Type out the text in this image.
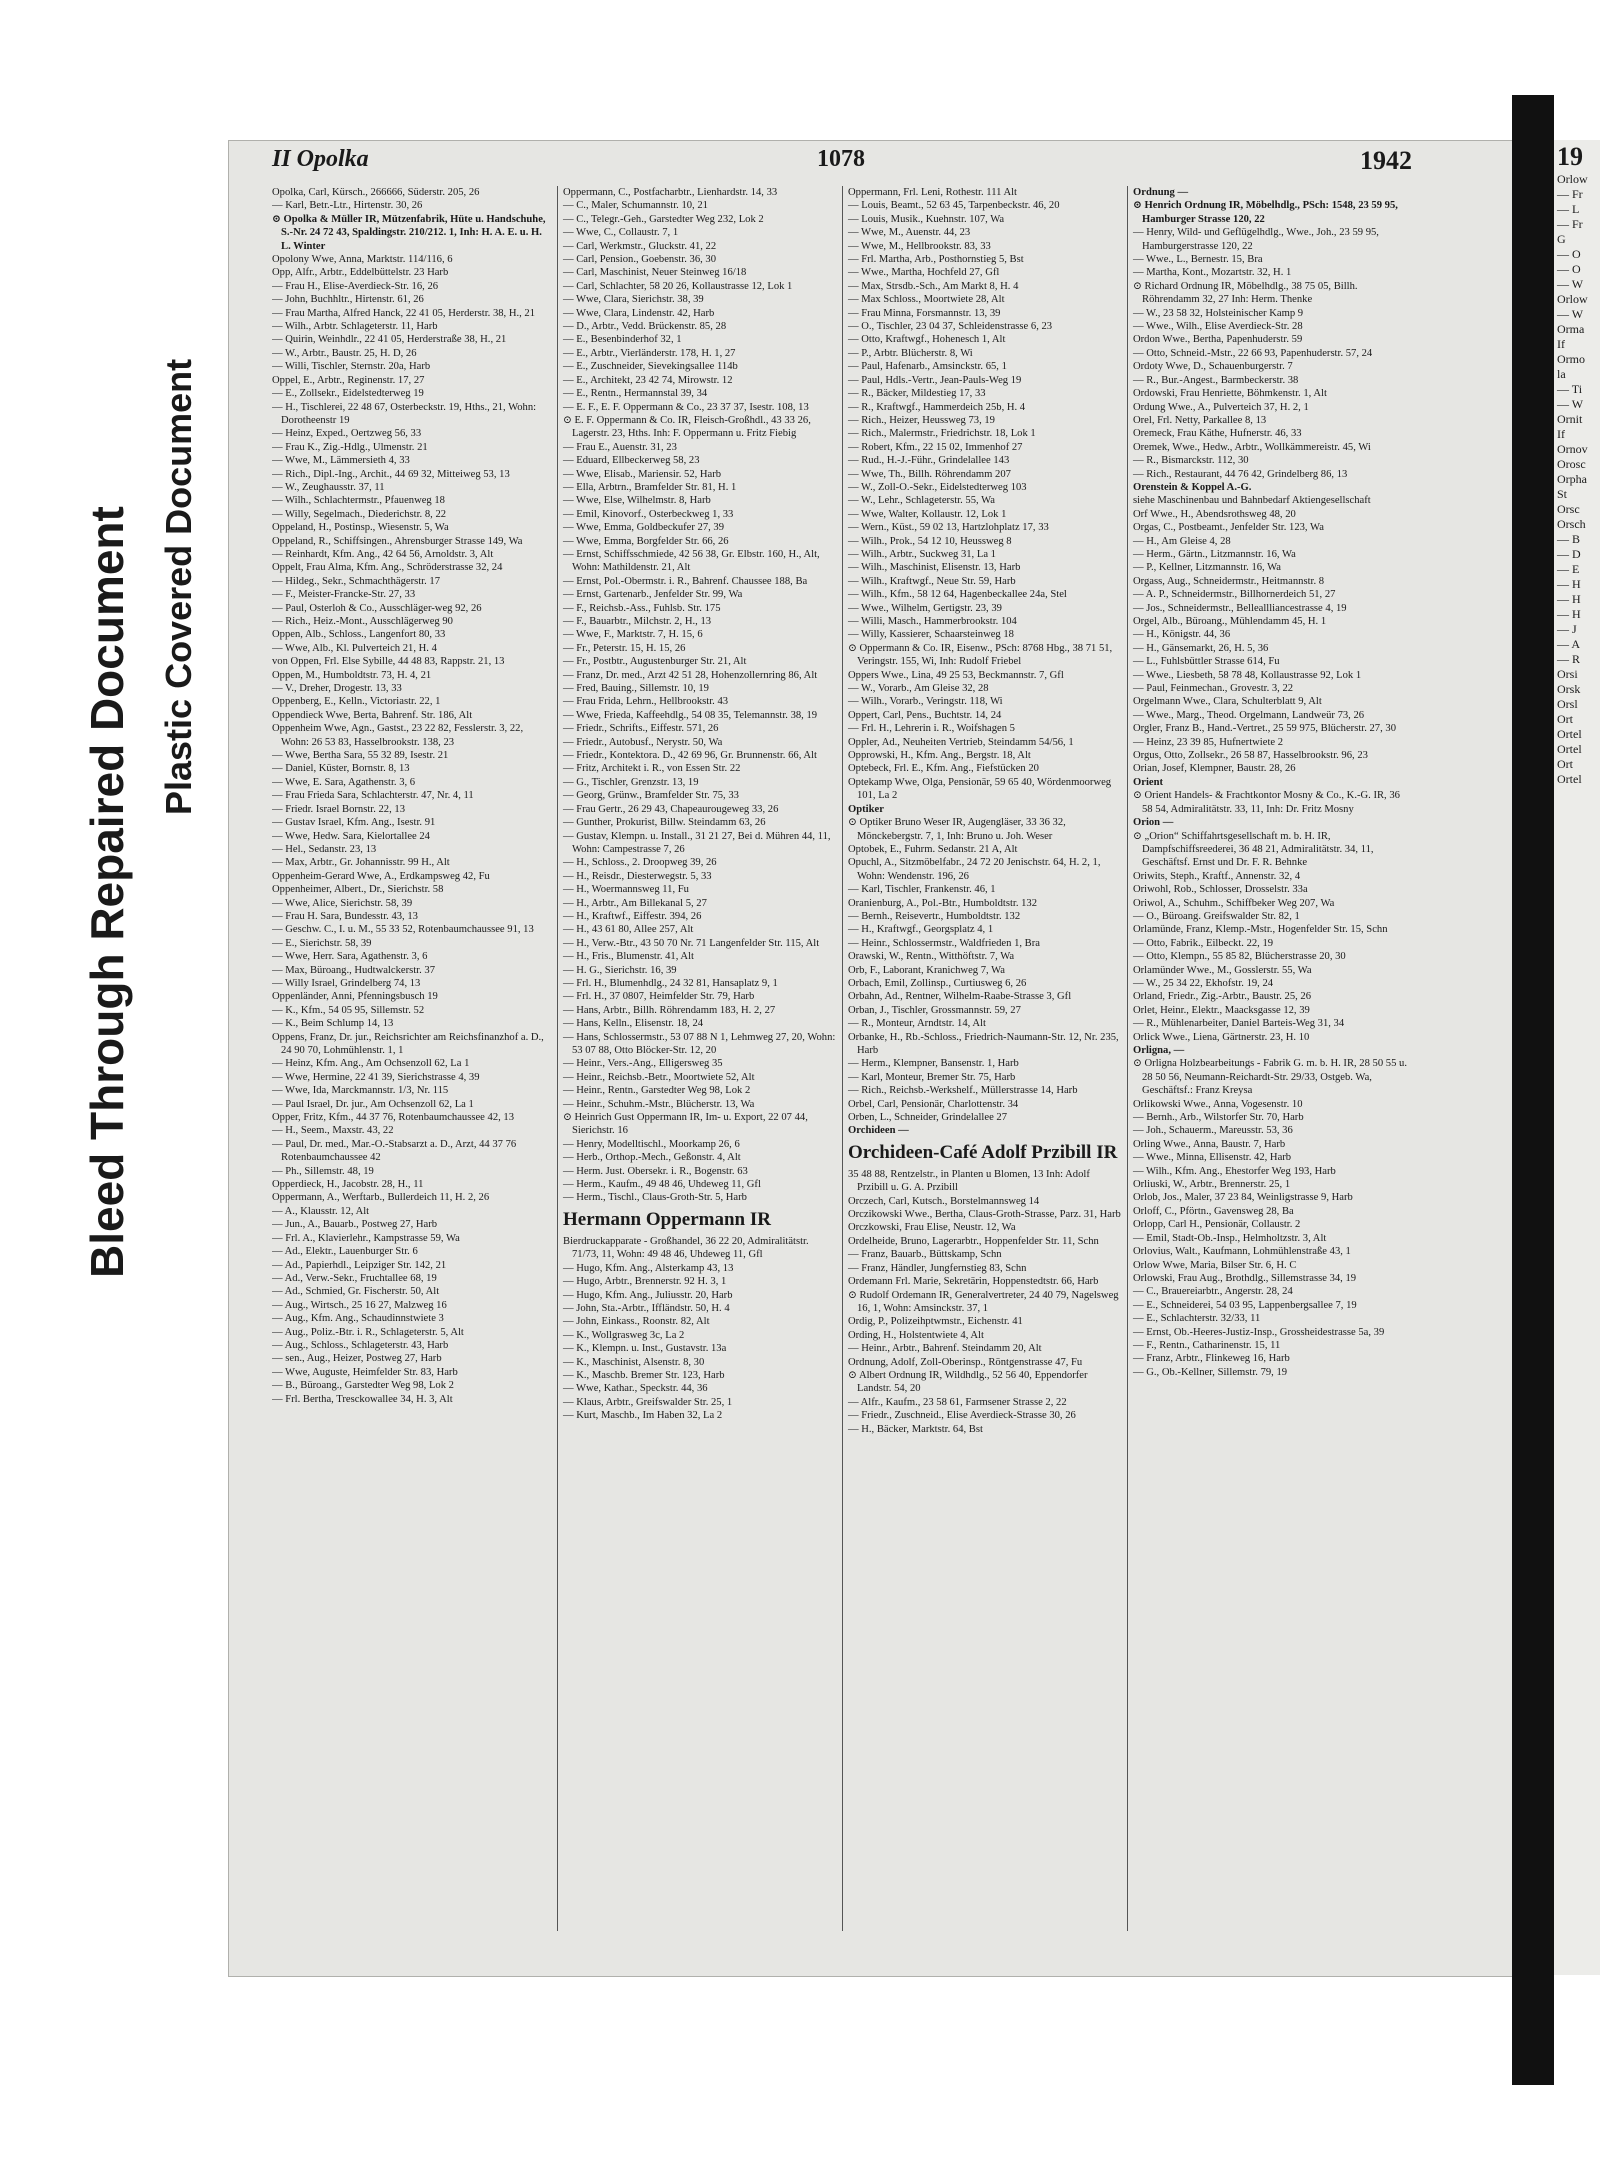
Bleed Through Repaired Document Plastic Covered Document
19
Orlow
— Fr
— L
— Fr
G
— O
— O
— W
Orlow
— W
Orma
If
Ormo
la
— Ti
— W
Ornit
If
Ornov
Orosc
Orpha
St
Orsc
Orsch
— B
— D
— E
— H
— H
— H
— J
— A
— R
Orsi
Orsk
Orsl
Ort
Ortel
Ortel
Ort
Ortel
II Opolka	1078	1942

Opolka, Carl, Kürsch., 266666, Süderstr. 205, 26

— Karl, Betr.-Ltr., Hirtenstr. 30, 26

⊙ Opolka & Müller IR, Mützenfabrik, Hüte u. Handschuhe, S.-Nr. 24 72 43, Spaldingstr. 210/212. 1, Inh: H. A. E. u. H. L. Winter

Opolony Wwe, Anna, Marktstr. 114/116, 6

Opp, Alfr., Arbtr., Eddelbüttelstr. 23 Harb

— Frau H., Elise-Averdieck-Str. 16, 26

— John, Buchhltr., Hirtenstr. 61, 26

— Frau Martha, Alfred Hanck, 22 41 05, Herderstr. 38, H., 21

— Wilh., Arbtr. Schlageterstr. 11, Harb

— Quirin, Weinhdlr., 22 41 05, Herderstraße 38, H., 21

— W., Arbtr., Baustr. 25, H. D, 26

— Willi, Tischler, Sternstr. 20a, Harb

Oppel, E., Arbtr., Reginenstr. 17, 27

— E., Zollsekr., Eidelstedterweg 19

— H., Tischlerei, 22 48 67, Osterbeckstr. 19, Hths., 21, Wohn: Dorotheenstr 19

— Heinz, Exped., Oertzweg 56, 33

— Frau K., Zig.-Hdlg., Ulmenstr. 21

— Wwe, M., Lämmersieth 4, 33

— Rich., Dipl.-Ing., Archit., 44 69 32, Mitteiweg 53, 13

— W., Zeughausstr. 37, 11

— Wilh., Schlachtermstr., Pfauenweg 18

— Willy, Segelmach., Diederichstr. 8, 22

Oppeland, H., Postinsp., Wiesenstr. 5, Wa

Oppeland, R., Schiffsingen., Ahrensburger Strasse 149, Wa

— Reinhardt, Kfm. Ang., 42 64 56, Arnoldstr. 3, Alt

Oppelt, Frau Alma, Kfm. Ang., Schröderstrasse 32, 24

— Hildeg., Sekr., Schmachthägerstr. 17

— F., Meister-Francke-Str. 27, 33

— Paul, Osterloh & Co., Ausschläger-weg 92, 26

— Rich., Heiz.-Mont., Ausschlägerweg 90

Oppen, Alb., Schloss., Langenfort 80, 33

— Wwe, Alb., Kl. Pulverteich 21, H. 4

von Oppen, Frl. Else Sybille, 44 48 83, Rappstr. 21, 13

Oppen, M., Humboldtstr. 73, H. 4, 21

— V., Dreher, Drogestr. 13, 33

Oppenberg, E., Kelln., Victoriastr. 22, 1

Oppendieck Wwe, Berta, Bahrenf. Str. 186, Alt

Oppenheim Wwe, Agn., Gastst., 23 22 82, Fesslerstr. 3, 22, Wohn: 26 53 83, Hasselbrookstr. 138, 23

— Wwe, Bertha Sara, 55 32 89, Isestr. 21

— Daniel, Küster, Bornstr. 8, 13

— Wwe, E. Sara, Agathenstr. 3, 6

— Frau Frieda Sara, Schlachterstr. 47, Nr. 4, 11

— Friedr. Israel Bornstr. 22, 13

— Gustav Israel, Kfm. Ang., Isestr. 91

— Wwe, Hedw. Sara, Kielortallee 24

— Hel., Sedanstr. 23, 13

— Max, Arbtr., Gr. Johannisstr. 99 H., Alt

Oppenheim-Gerard Wwe, A., Erdkampsweg 42, Fu

Oppenheimer, Albert., Dr., Sierichstr. 58

— Wwe, Alice, Sierichstr. 58, 39

— Frau H. Sara, Bundesstr. 43, 13

— Geschw. C., I. u. M., 55 33 52, Rotenbaumchaussee 91, 13

— E., Sierichstr. 58, 39

— Wwe, Herr. Sara, Agathenstr. 3, 6

— Max, Büroang., Hudtwalckerstr. 37

— Willy Israel, Grindelberg 74, 13

Oppenländer, Anni, Pfenningsbusch 19

— K., Kfm., 54 05 95, Sillemstr. 52

— K., Beim Schlump 14, 13

Oppens, Franz, Dr. jur., Reichsrichter am Reichsfinanzhof a. D., 24 90 70, Lohmühlenstr. 1, 1

— Heinz, Kfm. Ang., Am Ochsenzoll 62, La 1

— Wwe, Hermine, 22 41 39, Sierichstrasse 4, 39

— Wwe, Ida, Marckmannstr. 1/3, Nr. 115

— Paul Israel, Dr. jur., Am Ochsenzoll 62, La 1

Opper, Fritz, Kfm., 44 37 76, Rotenbaumchaussee 42, 13

— H., Seem., Maxstr. 43, 22

— Paul, Dr. med., Mar.-O.-Stabsarzt a. D., Arzt, 44 37 76 Rotenbaumchaussee 42

— Ph., Sillemstr. 48, 19

Opperdieck, H., Jacobstr. 28, H., 11

Oppermann, A., Werftarb., Bullerdeich 11, H. 2, 26

— A., Klausstr. 12, Alt

— Jun., A., Bauarb., Postweg 27, Harb

— Frl. A., Klavierlehr., Kampstrasse 59, Wa

— Ad., Elektr., Lauenburger Str. 6

— Ad., Papierhdl., Leipziger Str. 142, 21

— Ad., Verw.-Sekr., Fruchtallee 68, 19

— Ad., Schmied, Gr. Fischerstr. 50, Alt

— Aug., Wirtsch., 25 16 27, Malzweg 16

— Aug., Kfm. Ang., Schaudinnstwiete 3

— Aug., Poliz.-Btr. i. R., Schlageterstr. 5, Alt

— Aug., Schloss., Schlageterstr. 43, Harb

— sen., Aug., Heizer, Postweg 27, Harb

— Wwe, Auguste, Heimfelder Str. 83, Harb

— B., Büroang., Garstedter Weg 98, Lok 2

— Frl. Bertha, Tresckowallee 34, H. 3, Alt

Oppermann, C., Postfacharbtr., Lienhardstr. 14, 33

— C., Maler, Schumannstr. 10, 21

— C., Telegr.-Geh., Garstedter Weg 232, Lok 2

— Wwe, C., Collaustr. 7, 1

— Carl, Werkmstr., Gluckstr. 41, 22

— Carl, Pension., Goebenstr. 36, 30

— Carl, Maschinist, Neuer Steinweg 16/18

— Carl, Schlachter, 58 20 26, Kollaustrasse 12, Lok 1

— Wwe, Clara, Sierichstr. 38, 39

— Wwe, Clara, Lindenstr. 42, Harb

— D., Arbtr., Vedd. Brückenstr. 85, 28

— E., Besenbinderhof 32, 1

— E., Arbtr., Vierländerstr. 178, H. 1, 27

— E., Zuschneider, Sievekingsallee 114b

— E., Architekt, 23 42 74, Mirowstr. 12

— E., Rentn., Hermannstal 39, 34

— E. F., E. F. Oppermann & Co., 23 37 37, Isestr. 108, 13

⊙ E. F. Oppermann & Co. IR, Fleisch-Großhdl., 43 33 26, Lagerstr. 23, Hths. Inh: F. Oppermann u. Fritz Fiebig

— Frau E., Auenstr. 31, 23

— Eduard, Ellbeckerweg 58, 23

— Wwe, Elisab., Mariensir. 52, Harb

— Ella, Arbtrn., Bramfelder Str. 81, H. 1

— Wwe, Else, Wilhelmstr. 8, Harb

— Emil, Kinovorf., Osterbeckweg 1, 33

— Wwe, Emma, Goldbeckufer 27, 39

— Wwe, Emma, Borgfelder Str. 66, 26

— Ernst, Schiffsschmiede, 42 56 38, Gr. Elbstr. 160, H., Alt, Wohn: Mathildenstr. 21, Alt

— Ernst, Pol.-Obermstr. i. R., Bahrenf. Chaussee 188, Ba

— Ernst, Gartenarb., Jenfelder Str. 99, Wa

— F., Reichsb.-Ass., Fuhlsb. Str. 175

— F., Bauarbtr., Milchstr. 2, H., 13

— Wwe, F., Marktstr. 7, H. 15, 6

— Fr., Peterstr. 15, H. 15, 26

— Fr., Postbtr., Augustenburger Str. 21, Alt

— Franz, Dr. med., Arzt 42 51 28, Hohenzollernring 86, Alt

— Fred, Bauing., Sillemstr. 10, 19

— Frau Frida, Lehrn., Hellbrookstr. 43

— Wwe, Frieda, Kaffeehdlg., 54 08 35, Telemannstr. 38, 19

— Friedr., Schrifts., Eiffestr. 571, 26

— Friedr., Autobusf., Nerystr. 50, Wa

— Friedr., Kontektora. D., 42 69 96, Gr. Brunnenstr. 66, Alt

— Fritz, Architekt i. R., von Essen Str. 22

— G., Tischler, Grenzstr. 13, 19

— Georg, Grünw., Bramfelder Str. 75, 33

— Frau Gertr., 26 29 43, Chapeaurougeweg 33, 26

— Gunther, Prokurist, Billw. Steindamm 63, 26

— Gustav, Klempn. u. Install., 31 21 27, Bei d. Mühren 44, 11, Wohn: Campestrasse 7, 26

— H., Schloss., 2. Droopweg 39, 26

— H., Reisdr., Diesterwegstr. 5, 33

— H., Woermannsweg 11, Fu

— H., Arbtr., Am Billekanal 5, 27

— H., Kraftwf., Eiffestr. 394, 26

— H., 43 61 80, Allee 257, Alt

— H., Verw.-Btr., 43 50 70 Nr. 71 Langenfelder Str. 115, Alt

— H., Fris., Blumenstr. 41, Alt

— H. G., Sierichstr. 16, 39

— Frl. H., Blumenhdlg., 24 32 81, Hansaplatz 9, 1

— Frl. H., 37 0807, Heimfelder Str. 79, Harb

— Hans, Arbtr., Billh. Röhrendamm 183, H. 2, 27

— Hans, Kelln., Elisenstr. 18, 24

— Hans, Schlossermstr., 53 07 88 N 1, Lehmweg 27, 20, Wohn: 53 07 88, Otto Blöcker-Str. 12, 20

— Heinr., Vers.-Ang., Elligersweg 35

— Heinr., Reichsb.-Betr., Moortwiete 52, Alt

— Heinr., Rentn., Garstedter Weg 98, Lok 2

— Heinr., Schuhm.-Mstr., Blücherstr. 13, Wa

⊙ Heinrich Gust Oppermann IR, Im- u. Export, 22 07 44, Sierichstr. 16

— Henry, Modelltischl., Moorkamp 26, 6

— Herb., Orthop.-Mech., Geßonstr. 4, Alt

— Herm. Just. Obersekr. i. R., Bogenstr. 63

— Herm., Kaufm., 49 48 46, Uhdeweg 11, Gfl

— Herm., Tischl., Claus-Groth-Str. 5, Harb

Hermann Oppermann IR

Bierdruckapparate - Großhandel, 36 22 20, Admiralitätstr. 71/73, 11, Wohn: 49 48 46, Uhdeweg 11, Gfl

— Hugo, Kfm. Ang., Alsterkamp 43, 13

— Hugo, Arbtr., Brennerstr. 92 H. 3, 1

— Hugo, Kfm. Ang., Juliusstr. 20, Harb

— John, Sta.-Arbtr., Iffländstr. 50, H. 4

— John, Einkass., Roonstr. 82, Alt

— K., Wollgrasweg 3c, La 2

— K., Klempn. u. Inst., Gustavstr. 13a

— K., Maschinist, Alsenstr. 8, 30

— K., Maschb. Bremer Str. 123, Harb

— Wwe, Kathar., Speckstr. 44, 36

— Klaus, Arbtr., Greifswalder Str. 25, 1

— Kurt, Maschb., Im Haben 32, La 2

Oppermann, Frl. Leni, Rothestr. 111 Alt

— Louis, Beamt., 52 63 45, Tarpenbeckstr. 46, 20

— Louis, Musik., Kuehnstr. 107, Wa

— Wwe, M., Auenstr. 44, 23

— Wwe, M., Hellbrookstr. 83, 33

— Frl. Martha, Arb., Posthornstieg 5, Bst

— Wwe., Martha, Hochfeld 27, Gfl

— Max, Strsdb.-Sch., Am Markt 8, H. 4

— Max Schloss., Moortwiete 28, Alt

— Frau Minna, Forsmannstr. 13, 39

— O., Tischler, 23 04 37, Schleidenstrasse 6, 23

— Otto, Kraftwgf., Hohenesch 1, Alt

— P., Arbtr. Blücherstr. 8, Wi

— Paul, Hafenarb., Amsinckstr. 65, 1

— Paul, Hdls.-Vertr., Jean-Pauls-Weg 19

— R., Bäcker, Mildestieg 17, 33

— R., Kraftwgf., Hammerdeich 25b, H. 4

— Rich., Heizer, Heussweg 73, 19

— Rich., Malermstr., Friedrichstr. 18, Lok 1

— Robert, Kfm., 22 15 02, Immenhof 27

— Rud., H.-J.-Führ., Grindelallee 143

— Wwe, Th., Billh. Röhrendamm 207

— W., Zoll-O.-Sekr., Eidelstedterweg 103

— W., Lehr., Schlageterstr. 55, Wa

— Wwe, Walter, Kollaustr. 12, Lok 1

— Wern., Küst., 59 02 13, Hartzlohplatz 17, 33

— Wilh., Prok., 54 12 10, Heussweg 8

— Wilh., Arbtr., Suckweg 31, La 1

— Wilh., Maschinist, Elisenstr. 13, Harb

— Wilh., Kraftwgf., Neue Str. 59, Harb

— Wilh., Kfm., 58 12 64, Hagenbeckallee 24a, Stel

— Wwe., Wilhelm, Gertigstr. 23, 39

— Willi, Masch., Hammerbrookstr. 104

— Willy, Kassierer, Schaarsteinweg 18

⊙ Oppermann & Co. IR, Eisenw., PSch: 8768 Hbg., 38 71 51, Veringstr. 155, Wi, Inh: Rudolf Friebel

Oppers Wwe., Lina, 49 25 53, Beckmannstr. 7, Gfl

— W., Vorarb., Am Gleise 32, 28

— Wilh., Vorarb., Veringstr. 118, Wi

Oppert, Carl, Pens., Buchtstr. 14, 24

— Frl. H., Lehrerin i. R., Woifshagen 5

Oppler, Ad., Neuheiten Vertrieb, Steindamm 54/56, 1

Opprowski, H., Kfm. Ang., Bergstr. 18, Alt

Optebeck, Frl. E., Kfm. Ang., Fiefstücken 20

Optekamp Wwe, Olga, Pensionär, 59 65 40, Wördenmoorweg 101, La 2

Optiker

⊙ Optiker Bruno Weser IR, Augengläser, 33 36 32, Mönckebergstr. 7, 1, Inh: Bruno u. Joh. Weser

Optobek, E., Fuhrm. Sedanstr. 21 A, Alt

Opuchl, A., Sitzmöbelfabr., 24 72 20 Jenischstr. 64, H. 2, 1, Wohn: Wendenstr. 196, 26

— Karl, Tischler, Frankenstr. 46, 1

Oranienburg, A., Pol.-Btr., Humboldtstr. 132

— Bernh., Reisevertr., Humboldtstr. 132

— H., Kraftwgf., Georgsplatz 4, 1

— Heinr., Schlossermstr., Waldfrieden 1, Bra

Orawski, W., Rentn., Witthöftstr. 7, Wa

Orb, F., Laborant, Kranichweg 7, Wa

Orbach, Emil, Zollinsp., Curtiusweg 6, 26

Orbahn, Ad., Rentner, Wilhelm-Raabe-Strasse 3, Gfl

Orban, J., Tischler, Grossmannstr. 59, 27

— R., Monteur, Arndtstr. 14, Alt

Orbanke, H., Rb.-Schloss., Friedrich-Naumann-Str. 12, Nr. 235, Harb

— Herm., Klempner, Bansenstr. 1, Harb

— Karl, Monteur, Bremer Str. 75, Harb

— Rich., Reichsb.-Werkshelf., Müllerstrasse 14, Harb

Orbel, Carl, Pensionär, Charlottenstr. 34

Orben, L., Schneider, Grindelallee 27

Orchideen —

Orchideen-Café Adolf Przibill IR

35 48 88, Rentzelstr., in Planten u Blomen, 13 Inh: Adolf Przibill u. G. A. Przibill

Orczech, Carl, Kutsch., Borstelmannsweg 14

Orczikowski Wwe., Bertha, Claus-Groth-Strasse, Parz. 31, Harb

Orczkowski, Frau Elise, Neustr. 12, Wa

Ordelheide, Bruno, Lagerarbtr., Hoppenfelder Str. 11, Schn

— Franz, Bauarb., Büttskamp, Schn

— Franz, Händler, Jungfernstieg 83, Schn

Ordemann Frl. Marie, Sekretärin, Hoppenstedtstr. 66, Harb

⊙ Rudolf Ordemann IR, Generalvertreter, 24 40 79, Nagelsweg 16, 1, Wohn: Amsinckstr. 37, 1

Ordig, P., Polizeihptwmstr., Eichenstr. 41

Ording, H., Holstentwiete 4, Alt

— Heinr., Arbtr., Bahrenf. Steindamm 20, Alt

Ordnung, Adolf, Zoll-Oberinsp., Röntgenstrasse 47, Fu

⊙ Albert Ordnung IR, Wildhdlg., 52 56 40, Eppendorfer Landstr. 54, 20

— Alfr., Kaufm., 23 58 61, Farmsener Strasse 2, 22

— Friedr., Zuschneid., Elise Averdieck-Strasse 30, 26

— H., Bäcker, Marktstr. 64, Bst

Ordnung —

⊙ Henrich Ordnung IR, Möbelhdlg., PSch: 1548, 23 59 95, Hamburger Strasse 120, 22

— Henry, Wild- und Geflügelhdlg., Wwe., Joh., 23 59 95, Hamburgerstrasse 120, 22

— Wwe., L., Bernestr. 15, Bra

— Martha, Kont., Mozartstr. 32, H. 1

⊙ Richard Ordnung IR, Möbelhdlg., 38 75 05, Billh. Röhrendamm 32, 27 Inh: Herm. Thenke

— W., 23 58 32, Holsteinischer Kamp 9

— Wwe., Wilh., Elise Averdieck-Str. 28

Ordon Wwe., Bertha, Papenhuderstr. 59

— Otto, Schneid.-Mstr., 22 66 93, Papenhuderstr. 57, 24

Ordoty Wwe, D., Schauenburgerstr. 7

— R., Bur.-Angest., Barmbeckerstr. 38

Ordowski, Frau Henriette, Böhmkenstr. 1, Alt

Ordung Wwe., A., Pulverteich 37, H. 2, 1

Orel, Frl. Netty, Parkallee 8, 13

Oremeck, Frau Käthe, Hufnerstr. 46, 33

Oremek, Wwe., Hedw., Arbtr., Wollkämmereistr. 45, Wi

— R., Bismarckstr. 112, 30

— Rich., Restaurant, 44 76 42, Grindelberg 86, 13

Orenstein & Koppel A.-G.

siehe Maschinenbau und Bahnbedarf Aktiengesellschaft

Orf Wwe., H., Abendsrothsweg 48, 20

Orgas, C., Postbeamt., Jenfelder Str. 123, Wa

— H., Am Gleise 4, 28

— Herm., Gärtn., Litzmannstr. 16, Wa

— P., Kellner, Litzmannstr. 16, Wa

Orgass, Aug., Schneidermstr., Heitmannstr. 8

— A. P., Schneidermstr., Billhornerdeich 51, 27

— Jos., Schneidermstr., Belleallliancestrasse 4, 19

Orgel, Alb., Büroang., Mühlendamm 45, H. 1

— H., Königstr. 44, 36

— H., Gänsemarkt, 26, H. 5, 36

— L., Fuhlsbüttler Strasse 614, Fu

— Wwe., Liesbeth, 58 78 48, Kollaustrasse 92, Lok 1

— Paul, Feinmechan., Grovestr. 3, 22

Orgelmann Wwe., Clara, Schulterblatt 9, Alt

— Wwe., Marg., Theod. Orgelmann, Landweür 73, 26

Orgler, Franz B., Hand.-Vertret., 25 59 975, Blücherstr. 27, 30

— Heinz, 23 39 85, Hufnertwiete 2

Orgus, Otto, Zollsekr., 26 58 87, Hasselbrookstr. 96, 23

Orian, Josef, Klempner, Baustr. 28, 26

Orient

⊙ Orient Handels- & Frachtkontor Mosny & Co., K.-G. IR, 36 58 54, Admiralitätstr. 33, 11, Inh: Dr. Fritz Mosny

Orion —

⊙ „Orion“ Schiffahrtsgesellschaft m. b. H. IR, Dampfschiffsreederei, 36 48 21, Admiralitätstr. 34, 11, Geschäftsf. Ernst und Dr. F. R. Behnke

Oriwits, Steph., Kraftf., Annenstr. 32, 4

Oriwohl, Rob., Schlosser, Drosselstr. 33a

Oriwol, A., Schuhm., Schiffbeker Weg 207, Wa

— O., Büroang. Greifswalder Str. 82, 1

Orlamünde, Franz, Klemp.-Mstr., Hogenfelder Str. 15, Schn

— Otto, Fabrik., Eilbeckt. 22, 19

— Otto, Klempn., 55 85 82, Blücherstrasse 20, 30

Orlamünder Wwe., M., Gosslerstr. 55, Wa

— W., 25 34 22, Ekhofstr. 19, 24

Orland, Friedr., Zig.-Arbtr., Baustr. 25, 26

Orlet, Heinr., Elektr., Maacksgasse 12, 39

— R., Mühlenarbeiter, Daniel Barteis-Weg 31, 34

Orlick Wwe., Liena, Gärtnerstr. 23, H. 10

Orligna, —

⊙ Orligna Holzbearbeitungs - Fabrik G. m. b. H. IR, 28 50 55 u. 28 50 56, Neumann-Reichardt-Str. 29/33, Ostgeb. Wa, Geschäftsf.: Franz Kreysa

Orlikowski Wwe., Anna, Vogesenstr. 10

— Bernh., Arb., Wilstorfer Str. 70, Harb

— Joh., Schauerm., Mareusstr. 53, 36

Orling Wwe., Anna, Baustr. 7, Harb

— Wwe., Minna, Ellisenstr. 42, Harb

— Wilh., Kfm. Ang., Ehestorfer Weg 193, Harb

Orliuski, W., Arbtr., Brennerstr. 25, 1

Orlob, Jos., Maler, 37 23 84, Weinligstrasse 9, Harb

Orloff, C., Pförtn., Gavensweg 28, Ba

Orlopp, Carl H., Pensionär, Collaustr. 2

— Emil, Stadt-Ob.-Insp., Helmholtzstr. 3, Alt

Orlovius, Walt., Kaufmann, Lohmühlenstraße 43, 1

Orlow Wwe, Maria, Bilser Str. 6, H. C

Orlowski, Frau Aug., Brothdlg., Sillemstrasse 34, 19

— C., Brauereiarbtr., Angerstr. 28, 24

— E., Schneiderei, 54 03 95, Lappenbergsallee 7, 19

— E., Schlachterstr. 32/33, 11

— Ernst, Ob.-Heeres-Justiz-Insp., Grossheidestrasse 5a, 39

— F., Rentn., Catharinenstr. 15, 11

— Franz, Arbtr., Flinkeweg 16, Harb

— G., Ob.-Kellner, Sillemstr. 79, 19
